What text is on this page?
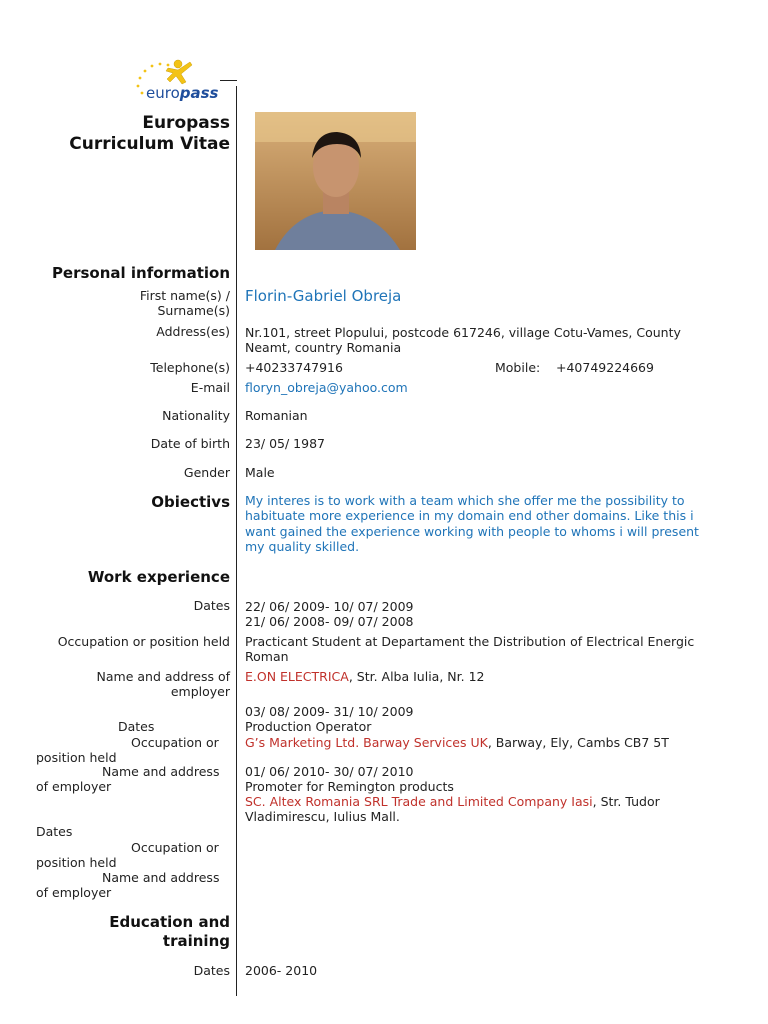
europass
Europass
Curriculum Vitae
Personal information
First name(s) /
Surname(s)
Florin-Gabriel Obreja
Address(es) Nr.101, street Plopului, postcode 617246, village Cotu-Vames, County
Neamt, country Romania
Telephone(s) +40233747916	Mobile: +40749224669
E-mail floryn_obreja@yahoo.com
Nationality Romanian
Date of birth 23/ 05/ 1987
Gender Male
Obiectivs My interes is to work with a team which she offer me the possibility to
habituate more experience in my domain end other domains. Like this i
want gained the experience working with people to whoms i will present
my quality skilled.
Work experience
Dates 22/ 06/ 2009- 10/ 07/ 2009
21/ 06/ 2008- 09/ 07/ 2008
Occupation or position held Practicant Student at Departament the Distribution of Electrical Energic
Roman
Name and address of
employer
E.ON ELECTRICA, Str. Alba Iulia, Nr. 12
03/ 08/ 2009- 31/ 10/ 2009
Production Operator
G’s Marketing Ltd. Barway Services UK, Barway, Ely, Cambs CB7 5T
01/ 06/ 2010- 30/ 07/ 2010
Promoter for Remington products
SC. Altex Romania SRL Trade and Limited Company Iasi, Str. Tudor
Vladimirescu, Iulius Mall.
Dates
Occupation or
position held
Name and address
of employer
Dates
Occupation or
position held
Name and address
of employer
Education and
training
Dates 2006- 2010
